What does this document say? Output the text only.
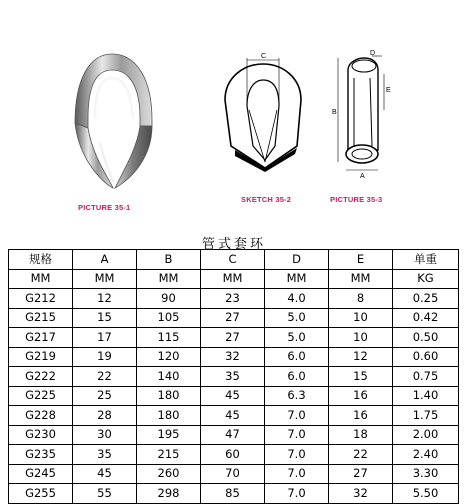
PICTURE 35-1
C
SKETCH 35-2
B
D
E
A
PICTURE 35-3
管式套环
规格	A	B	C	D	E	单重
MM	MM	MM	MM	MM	MM	KG
G212	12	90	23	4.0	8	0.25
G215	15	105	27	5.0	10	0.42
G217	17	115	27	5.0	10	0.50
G219	19	120	32	6.0	12	0.60
G222	22	140	35	6.0	15	0.75
G225	25	180	45	6.3	16	1.40
G228	28	180	45	7.0	16	1.75
G230	30	195	47	7.0	18	2.00
G235	35	215	60	7.0	22	2.40
G245	45	260	70	7.0	27	3.30
G255	55	298	85	7.0	32	5.50
